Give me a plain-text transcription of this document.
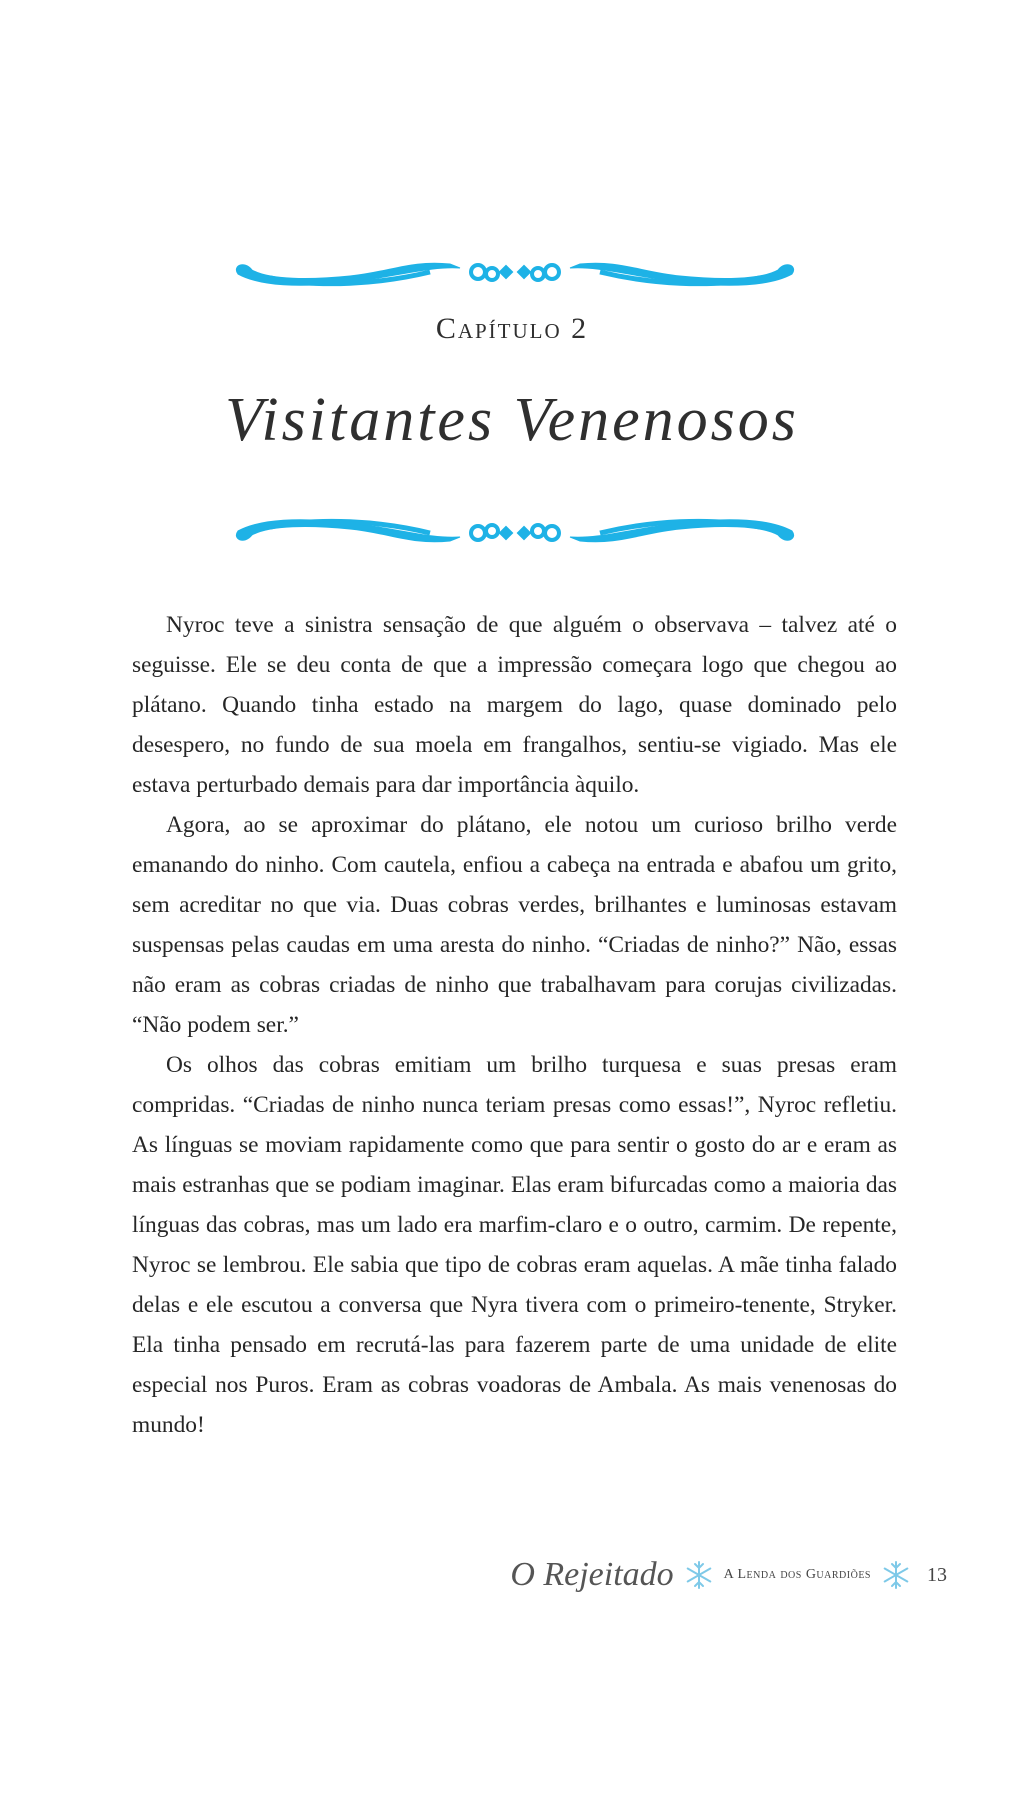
Capítulo 2
Visitantes Venenosos

Nyroc teve a sinistra sensação de que alguém o observava – talvez até o seguisse. Ele se deu conta de que a impressão começara logo que chegou ao plátano. Quando tinha estado na margem do lago, quase dominado pelo desespero, no fundo de sua moela em frangalhos, sentiu-se vigiado. Mas ele estava perturbado demais para dar importância àquilo.

Agora, ao se aproximar do plátano, ele notou um curioso brilho verde emanando do ninho. Com cautela, enfiou a cabeça na entrada e abafou um grito, sem acreditar no que via. Duas cobras verdes, brilhantes e luminosas estavam suspensas pelas caudas em uma aresta do ninho. “Criadas de ninho?” Não, essas não eram as cobras criadas de ninho que trabalhavam para corujas civilizadas. “Não podem ser.”

Os olhos das cobras emitiam um brilho turquesa e suas presas eram compridas. “Criadas de ninho nunca teriam presas como essas!”, Nyroc refletiu. As línguas se moviam rapidamente como que para sentir o gosto do ar e eram as mais estranhas que se podiam imaginar. Elas eram bifurcadas como a maioria das línguas das cobras, mas um lado era marfim-claro e o outro, carmim. De repente, Nyroc se lembrou. Ele sabia que tipo de cobras eram aquelas. A mãe tinha falado delas e ele escutou a conversa que Nyra tivera com o primeiro-tenente, Stryker. Ela tinha pensado em recrutá-las para fazerem parte de uma unidade de elite especial nos Puros. Eram as cobras voadoras de Ambala. As mais venenosas do mundo!

O Rejeitado	A Lenda dos Guardiões	13
